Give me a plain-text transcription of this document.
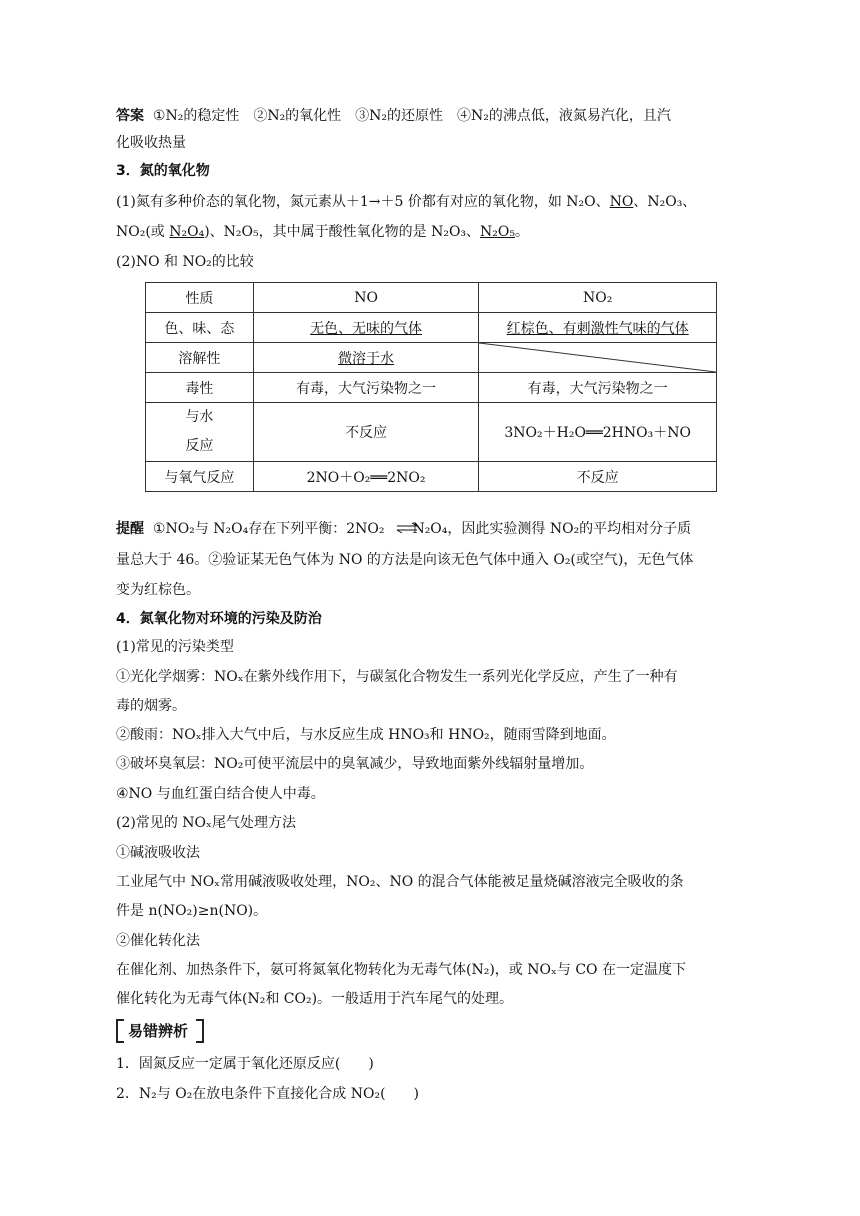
答案 ①N₂的稳定性　②N₂的氧化性　③N₂的还原性　④N₂的沸点低，液氮易汽化，且汽
化吸收热量
3．氮的氧化物
(1)氮有多种价态的氧化物，氮元素从＋1→＋5 价都有对应的氧化物，如 N₂O、NO、N₂O₃、
NO₂(或 N₂O₄)、N₂O₅，其中属于酸性氧化物的是 N₂O₃、N₂O₅。
(2)NO 和 NO₂的比较
性质	NO	NO₂
色、味、态	无色、无味的气体	红棕色、有刺激性气味的气体
溶解性	微溶于水	

毒性	有毒，大气污染物之一	有毒，大气污染物之一

与水
反应	不反应	3NO₂＋H₂O══2HNO₃＋NO
与氧气反应	2NO＋O₂══2NO₂	不反应
提醒 ①NO₂与 N₂O₄存在下列平衡：2NO₂　　N₂O₄，因此实验测得 NO₂的平均相对分子质
量总大于 46。②验证某无色气体为 NO 的方法是向该无色气体中通入 O₂(或空气)，无色气体
变为红棕色。
4．氮氧化物对环境的污染及防治
(1)常见的污染类型
①光化学烟雾：NOₓ在紫外线作用下，与碳氢化合物发生一系列光化学反应，产生了一种有
毒的烟雾。
②酸雨：NOₓ排入大气中后，与水反应生成 HNO₃和 HNO₂，随雨雪降到地面。
③破坏臭氧层：NO₂可使平流层中的臭氧减少，导致地面紫外线辐射量增加。
④NO 与血红蛋白结合使人中毒。
(2)常见的 NOₓ尾气处理方法
①碱液吸收法
工业尾气中 NOₓ常用碱液吸收处理，NO₂、NO 的混合气体能被足量烧碱溶液完全吸收的条
件是 n(NO₂)≥n(NO)。
②催化转化法
在催化剂、加热条件下，氨可将氮氧化物转化为无毒气体(N₂)，或 NOₓ与 CO 在一定温度下
催化转化为无毒气体(N₂和 CO₂)。一般适用于汽车尾气的处理。
易错辨析
1．固氮反应一定属于氧化还原反应(　　)
2．N₂与 O₂在放电条件下直接化合成 NO₂(　　)
